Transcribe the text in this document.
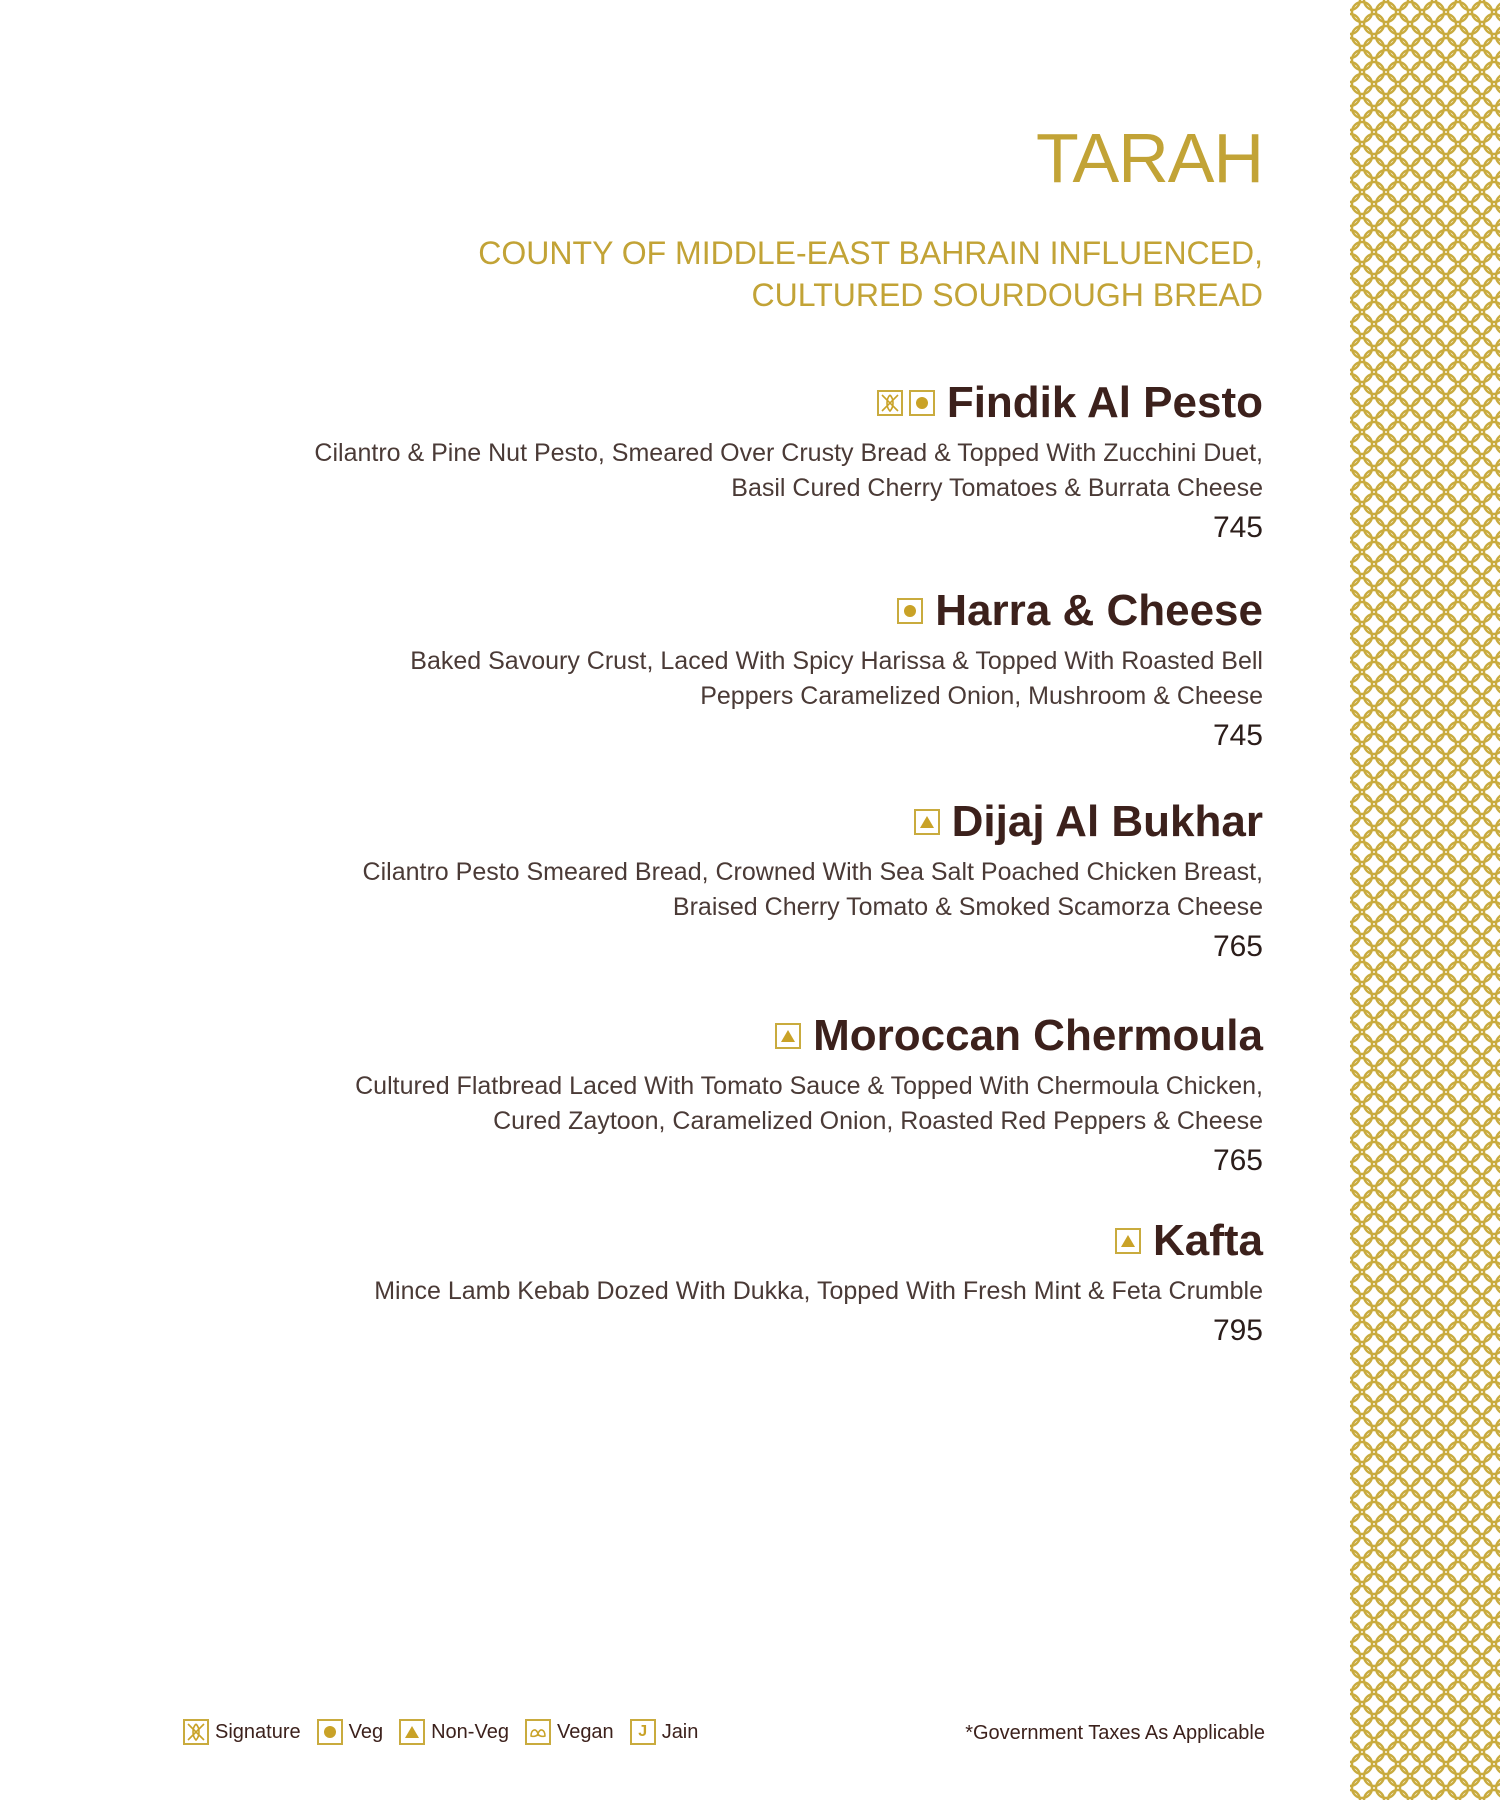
TARAH
COUNTY OF MIDDLE-EAST BAHRAIN INFLUENCED,
CULTURED SOURDOUGH BREAD
Findik Al Pesto
Cilantro & Pine Nut Pesto, Smeared Over Crusty Bread & Topped With Zucchini Duet,
Basil Cured Cherry Tomatoes & Burrata Cheese
745
Harra & Cheese
Baked Savoury Crust, Laced With Spicy Harissa & Topped With Roasted Bell
Peppers Caramelized Onion, Mushroom & Cheese
745
Dijaj Al Bukhar
Cilantro Pesto Smeared Bread, Crowned With Sea Salt Poached Chicken Breast,
Braised Cherry Tomato & Smoked Scamorza Cheese
765
Moroccan Chermoula
Cultured Flatbread Laced With Tomato Sauce & Topped With Chermoula Chicken,
Cured Zaytoon, Caramelized Onion, Roasted Red Peppers & Cheese
765
Kafta
Mince Lamb Kebab Dozed With Dukka, Topped With Fresh Mint & Feta Crumble
795
Signature Veg Non-Veg Vegan J Jain	*Government Taxes As Applicable
